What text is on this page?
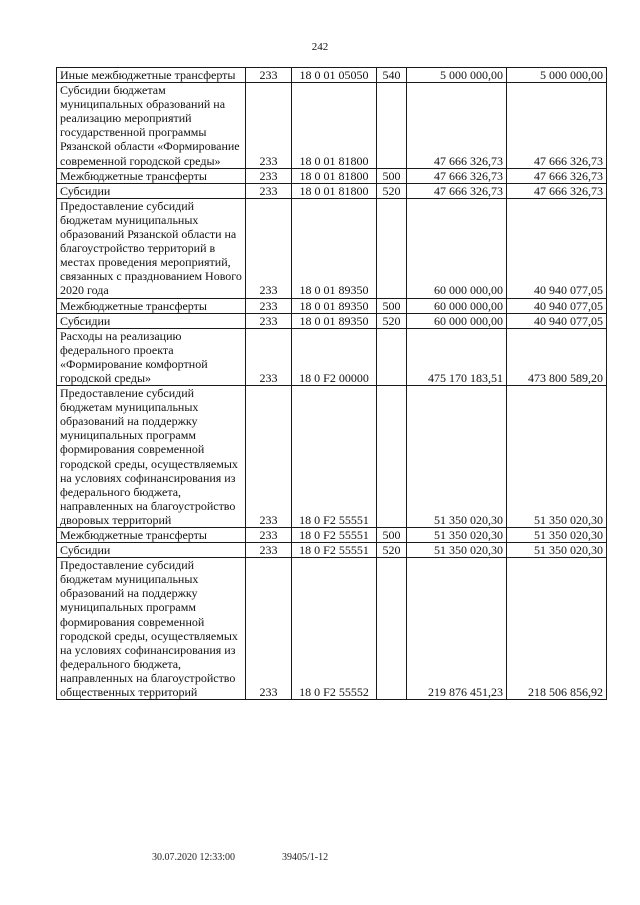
242
Иные межбюджетные трансферты	233	18 0 01 05050	540	5 000 000,00	5 000 000,00
Субсидии бюджетам муниципальных образований на реализацию мероприятий государственной программы Рязанской области «Формирование современной городской среды»	233	18 0 01 81800		47 666 326,73	47 666 326,73
Межбюджетные трансферты	233	18 0 01 81800	500	47 666 326,73	47 666 326,73
Субсидии	233	18 0 01 81800	520	47 666 326,73	47 666 326,73
Предоставление субсидий бюджетам муниципальных образований Рязанской области на благоустройство территорий в местах проведения мероприятий, связанных с празднованием Нового 2020 года	233	18 0 01 89350		60 000 000,00	40 940 077,05
Межбюджетные трансферты	233	18 0 01 89350	500	60 000 000,00	40 940 077,05
Субсидии	233	18 0 01 89350	520	60 000 000,00	40 940 077,05
Расходы на реализацию федерального проекта «Формирование комфортной городской среды»	233	18 0 F2 00000		475 170 183,51	473 800 589,20
Предоставление субсидий бюджетам муниципальных образований на поддержку муниципальных программ формирования современной городской среды, осуществляемых на условиях софинансирования из федерального бюджета, направленных на благоустройство дворовых территорий	233	18 0 F2 55551		51 350 020,30	51 350 020,30
Межбюджетные трансферты	233	18 0 F2 55551	500	51 350 020,30	51 350 020,30
Субсидии	233	18 0 F2 55551	520	51 350 020,30	51 350 020,30
Предоставление субсидий бюджетам муниципальных образований на поддержку муниципальных программ формирования современной городской среды, осуществляемых на условиях софинансирования из федерального бюджета, направленных на благоустройство общественных территорий	233	18 0 F2 55552		219 876 451,23	218 506 856,92
30.07.2020 12:33:00	39405/1-12
